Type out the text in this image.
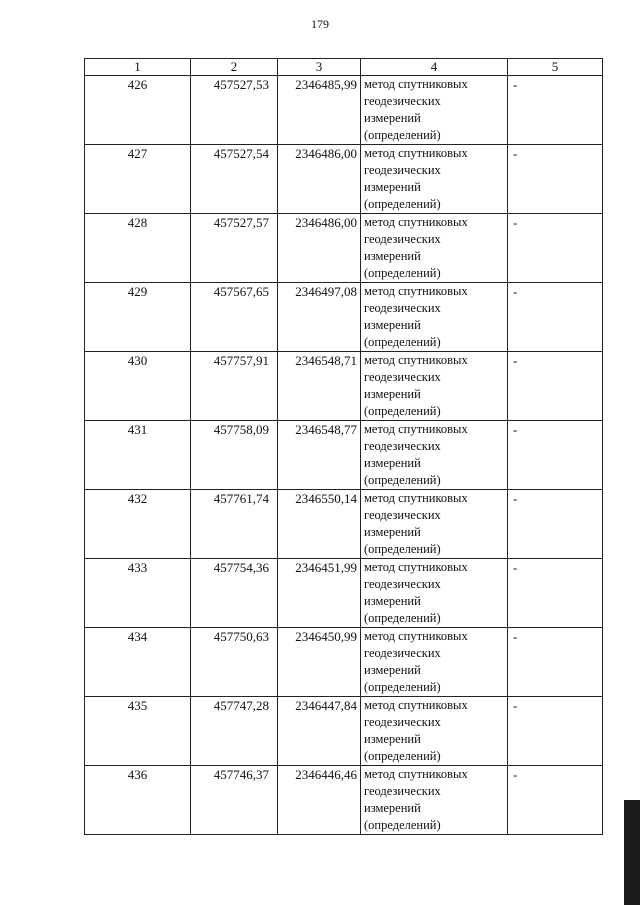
179
1	2	3	4	5
426	457527,53	2346485,99	метод спутниковых
геодезических
измерений
(определений)	-
427	457527,54	2346486,00	метод спутниковых
геодезических
измерений
(определений)	-
428	457527,57	2346486,00	метод спутниковых
геодезических
измерений
(определений)	-
429	457567,65	2346497,08	метод спутниковых
геодезических
измерений
(определений)	-
430	457757,91	2346548,71	метод спутниковых
геодезических
измерений
(определений)	-
431	457758,09	2346548,77	метод спутниковых
геодезических
измерений
(определений)	-
432	457761,74	2346550,14	метод спутниковых
геодезических
измерений
(определений)	-
433	457754,36	2346451,99	метод спутниковых
геодезических
измерений
(определений)	-
434	457750,63	2346450,99	метод спутниковых
геодезических
измерений
(определений)	-
435	457747,28	2346447,84	метод спутниковых
геодезических
измерений
(определений)	-
436	457746,37	2346446,46	метод спутниковых
геодезических
измерений
(определений)	-
